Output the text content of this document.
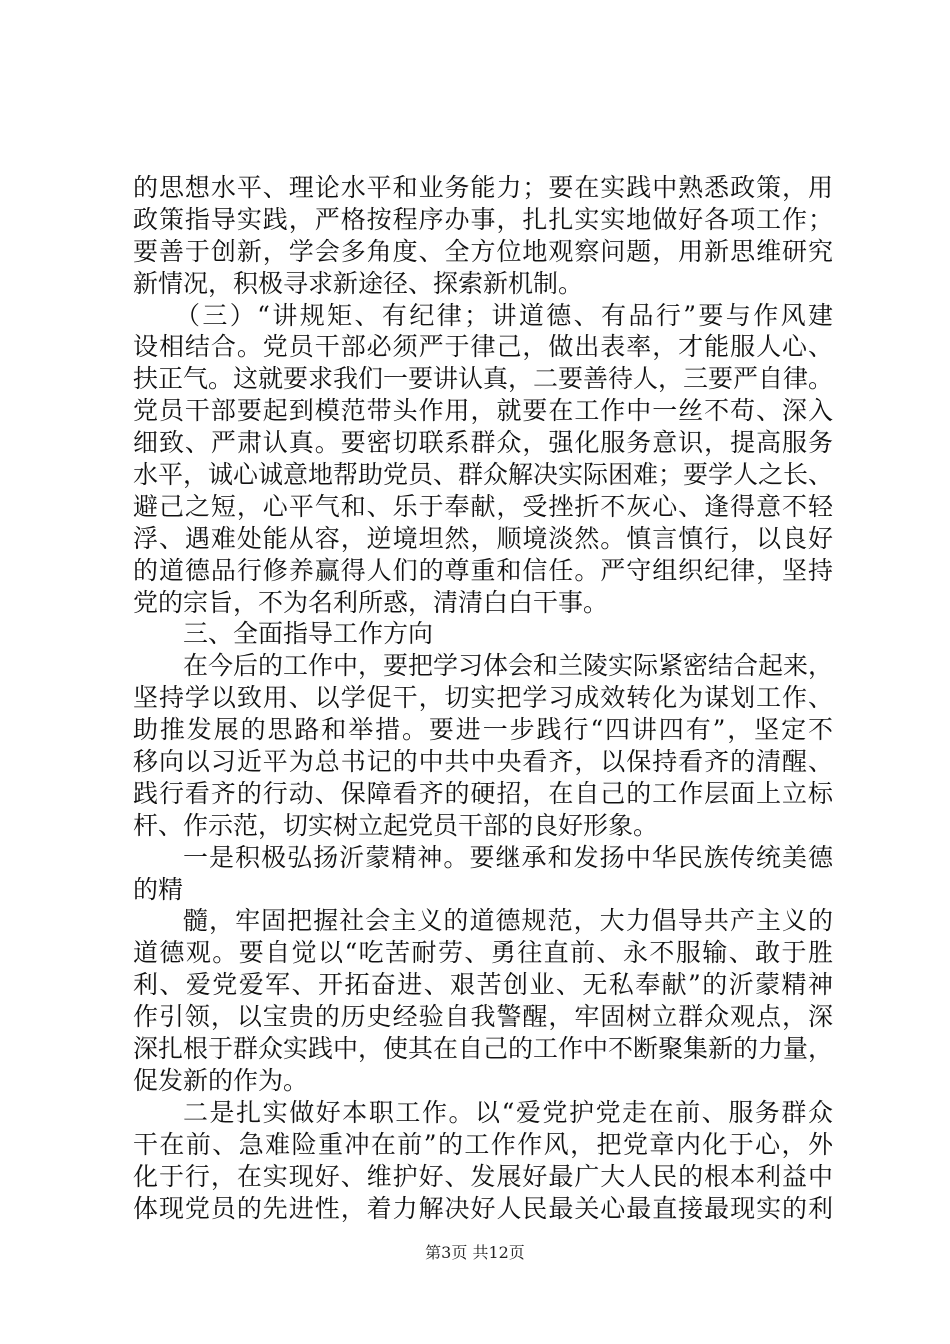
的思想水平、理论水平和业务能力；要在实践中熟悉政策，用
政策指导实践，严格按程序办事，扎扎实实地做好各项工作；
要善于创新，学会多角度、全方位地观察问题，用新思维研究
新情况，积极寻求新途径、探索新机制。
（三）“讲规矩、有纪律；讲道德、有品行”要与作风建
设相结合。党员干部必须严于律己，做出表率，才能服人心、
扶正气。这就要求我们一要讲认真，二要善待人，三要严自律。
党员干部要起到模范带头作用，就要在工作中一丝不苟、深入
细致、严肃认真。要密切联系群众，强化服务意识，提高服务
水平，诚心诚意地帮助党员、群众解决实际困难；要学人之长、
避己之短，心平气和、乐于奉献，受挫折不灰心、逢得意不轻
浮、遇难处能从容，逆境坦然，顺境淡然。慎言慎行，以良好
的道德品行修养赢得人们的尊重和信任。严守组织纪律，坚持
党的宗旨，不为名利所惑，清清白白干事。
三、全面指导工作方向
在今后的工作中，要把学习体会和兰陵实际紧密结合起来，
坚持学以致用、以学促干，切实把学习成效转化为谋划工作、
助推发展的思路和举措。要进一步践行“四讲四有”，坚定不
移向以习近平为总书记的中共中央看齐，以保持看齐的清醒、
践行看齐的行动、保障看齐的硬招，在自己的工作层面上立标
杆、作示范，切实树立起党员干部的良好形象。
一是积极弘扬沂蒙精神。要继承和发扬中华民族传统美德
的精
髓，牢固把握社会主义的道德规范，大力倡导共产主义的
道德观。要自觉以“吃苦耐劳、勇往直前、永不服输、敢于胜
利、爱党爱军、开拓奋进、艰苦创业、无私奉献”的沂蒙精神
作引领，以宝贵的历史经验自我警醒，牢固树立群众观点，深
深扎根于群众实践中，使其在自己的工作中不断聚集新的力量，
促发新的作为。
二是扎实做好本职工作。以“爱党护党走在前、服务群众
干在前、急难险重冲在前”的工作作风，把党章内化于心，外
化于行，在实现好、维护好、发展好最广大人民的根本利益中
体现党员的先进性，着力解决好人民最关心最直接最现实的利
第3页 共12页
